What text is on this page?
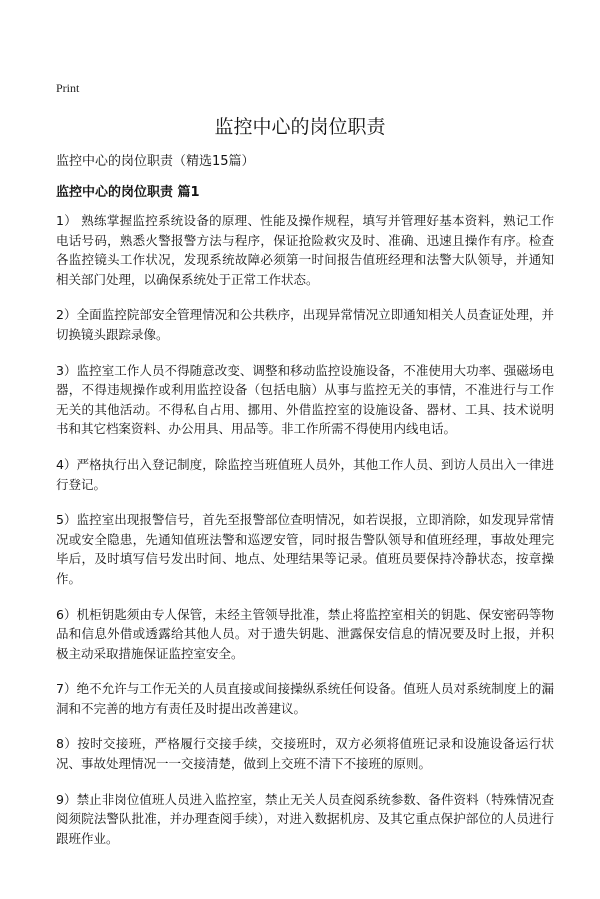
Print
监控中心的岗位职责

监控中心的岗位职责（精选15篇）

监控中心的岗位职责 篇1

1） 熟练掌握监控系统设备的原理、性能及操作规程，填写并管理好基本资料，熟记工作电话号码，熟悉火警报警方法与程序，保证抢险救灾及时、准确、迅速且操作有序。检查各监控镜头工作状况，发现系统故障必须第一时间报告值班经理和法警大队领导，并通知相关部门处理，以确保系统处于正常工作状态。

2）全面监控院部安全管理情况和公共秩序，出现异常情况立即通知相关人员查证处理，并切换镜头跟踪录像。

3）监控室工作人员不得随意改变、调整和移动监控设施设备，不准使用大功率、强磁场电器，不得违规操作或利用监控设备（包括电脑）从事与监控无关的事情，不准进行与工作无关的其他活动。不得私自占用、挪用、外借监控室的设施设备、器材、工具、技术说明书和其它档案资料、办公用具、用品等。非工作所需不得使用内线电话。

4）严格执行出入登记制度，除监控当班值班人员外，其他工作人员、到访人员出入一律进行登记。

5）监控室出现报警信号，首先至报警部位查明情况，如若误报，立即消除，如发现异常情况或安全隐患，先通知值班法警和巡逻安管，同时报告警队领导和值班经理，事故处理完毕后，及时填写信号发出时间、地点、处理结果等记录。值班员要保持冷静状态，按章操作。

6）机柜钥匙须由专人保管，未经主管领导批准，禁止将监控室相关的钥匙、保安密码等物品和信息外借或透露给其他人员。对于遗失钥匙、泄露保安信息的情况要及时上报，并积极主动采取措施保证监控室安全。

7）绝不允许与工作无关的人员直接或间接操纵系统任何设备。值班人员对系统制度上的漏洞和不完善的地方有责任及时提出改善建议。

8）按时交接班，严格履行交接手续，交接班时，双方必须将值班记录和设施设备运行状况、事故处理情况一一交接清楚，做到上交班不清下不接班的原则。

9）禁止非岗位值班人员进入监控室，禁止无关人员查阅系统参数、备件资料（特殊情况查阅须院法警队批准，并办理查阅手续），对进入数据机房、及其它重点保护部位的人员进行跟班作业。
